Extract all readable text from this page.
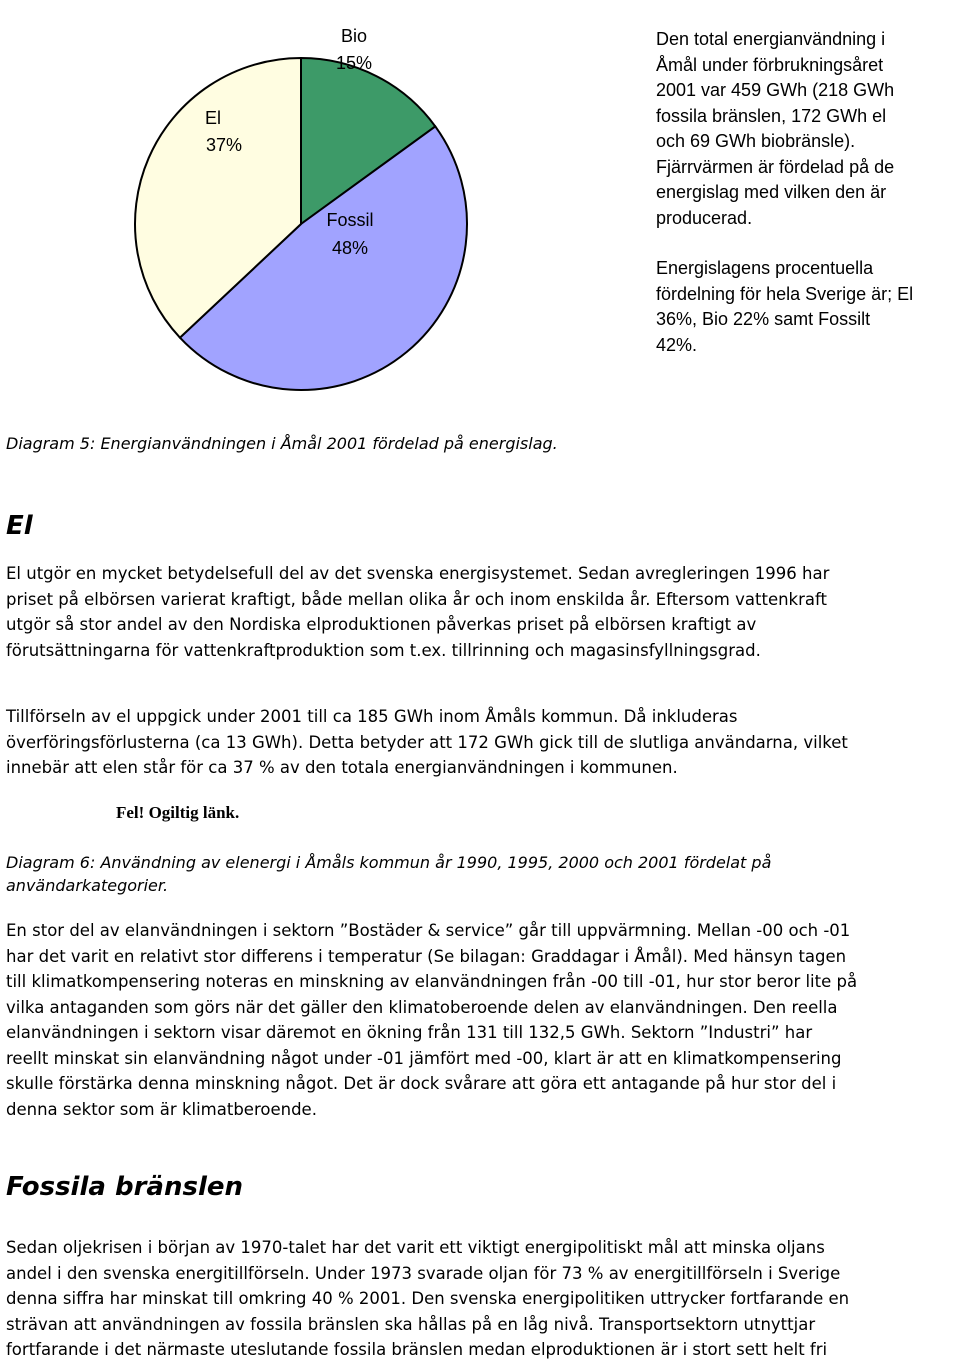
Bio
15%
Fossil
48%
El
37%

Den total energianvändning i
Åmål under förbrukningsåret
2001 var 459 GWh (218 GWh
fossila bränslen, 172 GWh el
och 69 GWh biobränsle).
Fjärrvärmen är fördelad på de
energislag med vilken den är
producerad.

Energislagens procentuella
fördelning för hela Sverige är; El
36%, Bio 22% samt Fossilt
42%.

Diagram 5: Energianvändningen i Åmål 2001 fördelad på energislag.
El

El utgör en mycket betydelsefull del av det svenska energisystemet. Sedan avregleringen 1996 har
priset på elbörsen varierat kraftigt, både mellan olika år och inom enskilda år. Eftersom vattenkraft
utgör så stor andel av den Nordiska elproduktionen påverkas priset på elbörsen kraftigt av
förutsättningarna för vattenkraftproduktion som t.ex. tillrinning och magasinsfyllningsgrad.

Tillförseln av el uppgick under 2001 till ca 185 GWh inom Åmåls kommun. Då inkluderas
överföringsförlusterna (ca 13 GWh). Detta betyder att 172 GWh gick till de slutliga användarna, vilket
innebär att elen står för ca 37 % av den totala energianvändningen i kommunen.

Fel! Ogiltig länk.
Diagram 6: Användning av elenergi i Åmåls kommun år 1990, 1995, 2000 och 2001 fördelat på
användarkategorier.

En stor del av elanvändningen i sektorn ”Bostäder & service” går till uppvärmning. Mellan -00 och -01
har det varit en relativt stor differens i temperatur (Se bilagan: Graddagar i Åmål). Med hänsyn tagen
till klimatkompensering noteras en minskning av elanvändningen från -00 till -01, hur stor beror lite på
vilka antaganden som görs när det gäller den klimatoberoende delen av elanvändningen. Den reella
elanvändningen i sektorn visar däremot en ökning från 131 till 132,5 GWh. Sektorn ”Industri” har
reellt minskat sin elanvändning något under -01 jämfört med -00, klart är att en klimatkompensering
skulle förstärka denna minskning något. Det är dock svårare att göra ett antagande på hur stor del i
denna sektor som är klimatberoende.

Fossila bränslen

Sedan oljekrisen i början av 1970-talet har det varit ett viktigt energipolitiskt mål att minska oljans
andel i den svenska energitillförseln. Under 1973 svarade oljan för 73 % av energitillförseln i Sverige
denna siffra har minskat till omkring 40 % 2001. Den svenska energipolitiken uttrycker fortfarande en
strävan att användningen av fossila bränslen ska hållas på en låg nivå. Transportsektorn utnyttjar
fortfarande i det närmaste uteslutande fossila bränslen medan elproduktionen är i stort sett helt fri
